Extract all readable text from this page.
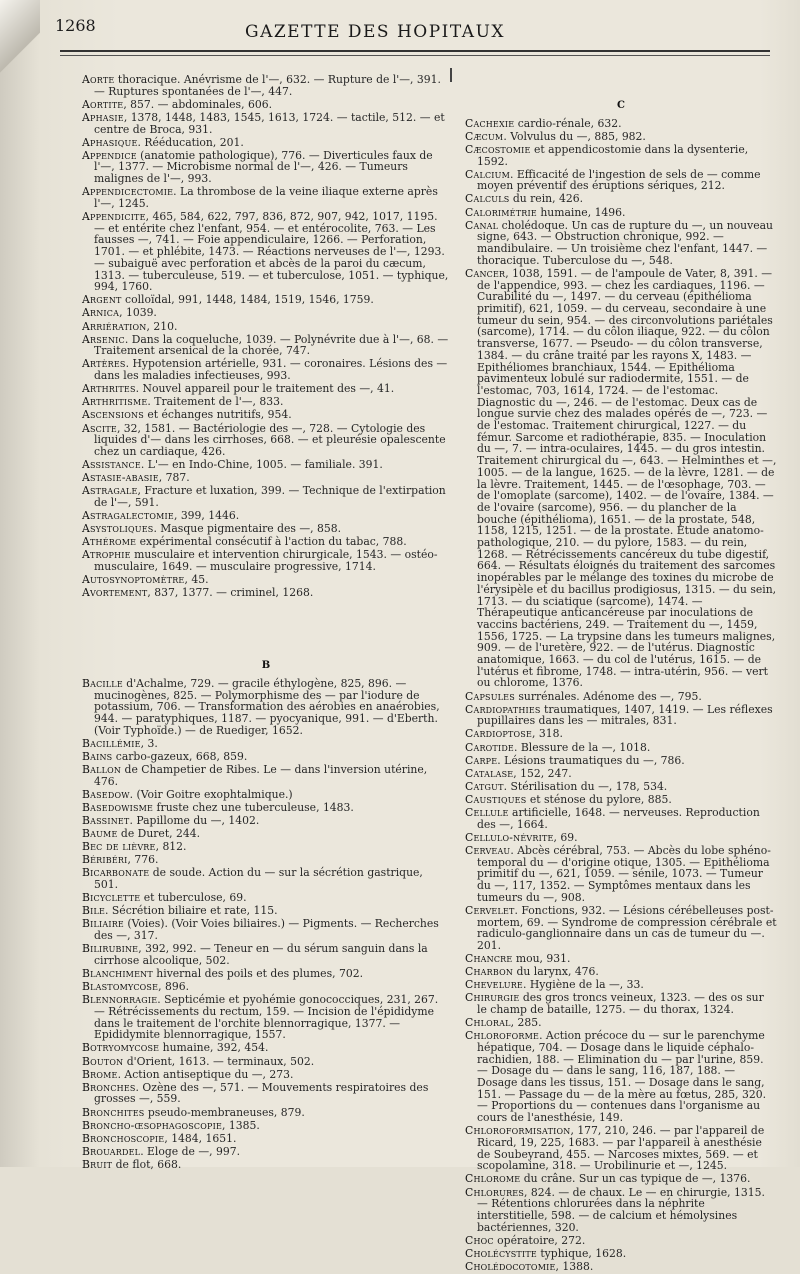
1268	GAZETTE DES HOPITAUX
Aorte thoracique. Anévrisme de l'—, 632. — Rupture de l'—, 391. — Ruptures spontanées de l'—, 447.
Aortite, 857. — abdominales, 606.
Aphasie, 1378, 1448, 1483, 1545, 1613, 1724. — tactile, 512. — et centre de Broca, 931.
Aphasique. Rééducation, 201.
Appendice (anatomie pathologique), 776. — Diverticules faux de l'—, 1377. — Microbisme normal de l'—, 426. — Tumeurs malignes de l'—, 993.
Appendicectomie. La thrombose de la veine iliaque externe après l'—, 1245.
Appendicite, 465, 584, 622, 797, 836, 872, 907, 942, 1017, 1195. — et entérite chez l'enfant, 954. — et entérocolite, 763. — Les fausses —, 741. — Foie appendiculaire, 1266. — Perforation, 1701. — et phlébite, 1473. — Réactions nerveuses de l'—, 1293. — subaiguë avec perforation et abcès de la paroi du cæcum, 1313. — tuberculeuse, 519. — et tuberculose, 1051. — typhique, 994, 1760.
Argent colloïdal, 991, 1448, 1484, 1519, 1546, 1759.
Arnica, 1039.
Arriération, 210.
Arsenic. Dans la coqueluche, 1039. — Polynévrite due à l'—, 68. — Traitement arsenical de la chorée, 747.
Artères. Hypotension artérielle, 931. — coronaires. Lésions des — dans les maladies infectieuses, 993.
Arthrites. Nouvel appareil pour le traitement des —, 41.
Arthritisme. Traitement de l'—, 833.
Ascensions et échanges nutritifs, 954.
Ascite, 32, 1581. — Bactériologie des —, 728. — Cytologie des liquides d'— dans les cirrhoses, 668. — et pleurésie opalescente chez un cardiaque, 426.
Assistance. L'— en Indo-Chine, 1005. — familiale. 391.
Astasie-abasie, 787.
Astragale, Fracture et luxation, 399. — Technique de l'extirpation de l'—, 591.
Astragalectomie, 399, 1446.
Asystoliques. Masque pigmentaire des —, 858.
Athérome expérimental consécutif à l'action du tabac, 788.
Atrophie musculaire et intervention chirurgicale, 1543. — ostéo-musculaire, 1649. — musculaire progressive, 1714.
Autosynoptomètre, 45.
Avortement, 837, 1377. — criminel, 1268.
B
Bacille d'Achalme, 729. — gracile éthylogène, 825, 896. — mucinogènes, 825. — Polymorphisme des — par l'iodure de potassium, 706. — Transformation des aérobies en anaérobies, 944. — paratyphiques, 1187. — pyocyanique, 991. — d'Eberth. (Voir Typhoïde.) — de Ruediger, 1652.
Bacillémie, 3.
Bains carbo-gazeux, 668, 859.
Ballon de Champetier de Ribes. Le — dans l'inversion utérine, 476.
Basedow. (Voir Goitre exophtalmique.)
Basedowisme fruste chez une tuberculeuse, 1483.
Bassinet. Papillome du —, 1402.
Baume de Duret, 244.
Bec de lièvre, 812.
Béribéri, 776.
Bicarbonate de soude. Action du — sur la sécrétion gastrique, 501.
Bicyclette et tuberculose, 69.
Bile. Sécrétion biliaire et rate, 115.
Biliaire (Voies). (Voir Voies biliaires.) — Pigments. — Recherches des —, 317.
Bilirubine, 392, 992. — Teneur en — du sérum sanguin dans la cirrhose alcoolique, 502.
Blanchiment hivernal des poils et des plumes, 702.
Blastomycose, 896.
Blennorragie. Septicémie et pyohémie gonococciques, 231, 267. — Rétrécissements du rectum, 159. — Incision de l'épididyme dans le traitement de l'orchite blennorragique, 1377. — Epididymite blennorragique, 1557.
Botryomycose humaine, 392, 454.
Bouton d'Orient, 1613. — terminaux, 502.
Brome. Action antiseptique du —, 273.
Bronches. Ozène des —, 571. — Mouvements respiratoires des grosses —, 559.
Bronchites pseudo-membraneuses, 879.
Broncho-œsophagoscopie, 1385.
Bronchoscopie, 1484, 1651.
Brouardel. Eloge de —, 997.
Bruit de flot, 668.
C
Cachexie cardio-rénale, 632.
Cæcum. Volvulus du —, 885, 982.
Cæcostomie et appendicostomie dans la dysenterie, 1592.
Calcium. Efficacité de l'ingestion de sels de — comme moyen préventif des éruptions sériques, 212.
Calculs du rein, 426.
Calorimétrie humaine, 1496.
Canal cholédoque. Un cas de rupture du —, un nouveau signe, 643. — Obstruction chronique, 992. — mandibulaire. — Un troisième chez l'enfant, 1447. — thoracique. Tuberculose du —, 548.
Cancer, 1038, 1591. — de l'ampoule de Vater, 8, 391. — de l'appendice, 993. — chez les cardiaques, 1196. — Curabilité du —, 1497. — du cerveau (épithélioma primitif), 621, 1059. — du cerveau, secondaire à une tumeur du sein, 954. — des circonvolutions pariétales (sarcome), 1714. — du côlon iliaque, 922. — du côlon transverse, 1677. — Pseudo- — du côlon transverse, 1384. — du crâne traité par les rayons X, 1483. — Epithéliomes branchiaux, 1544. — Epithélioma pavimenteux lobulé sur radiodermite, 1551. — de l'estomac, 703, 1614, 1724. — de l'estomac. Diagnostic du —, 246. — de l'estomac. Deux cas de longue survie chez des malades opérés de —, 723. — de l'estomac. Traitement chirurgical, 1227. — du fémur. Sarcome et radiothérapie, 835. — Inoculation du —, 7. — intra-oculaires, 1445. — du gros intestin. Traitement chirurgical du —, 643. — Helminthes et —, 1005. — de la langue, 1625. — de la lèvre, 1281. — de la lèvre. Traitement, 1445. — de l'œsophage, 703. — de l'omoplate (sarcome), 1402. — de l'ovaire, 1384. — de l'ovaire (sarcome), 956. — du plancher de la bouche (épithélioma), 1651. — de la prostate, 548, 1158, 1215, 1251. — de la prostate. Etude anatomo-pathologique, 210. — du pylore, 1583. — du rein, 1268. — Rétrécissements cancéreux du tube digestif, 664. — Résultats éloignés du traitement des sarcomes inopérables par le mélange des toxines du microbe de l'érysipèle et du bacillus prodigiosus, 1315. — du sein, 1713. — du sciatique (sarcome), 1474. — Thérapeutique anticancéreuse par inoculations de vaccins bactériens, 249. — Traitement du —, 1459, 1556, 1725. — La trypsine dans les tumeurs malignes, 909. — de l'uretère, 922. — de l'utérus. Diagnostic anatomique, 1663. — du col de l'utérus, 1615. — de l'utérus et fibrome, 1748. — intra-utérin, 956. — vert ou chlorome, 1376.
Capsules surrénales. Adénome des —, 795.
Cardiopathies traumatiques, 1407, 1419. — Les réflexes pupillaires dans les — mitrales, 831.
Cardioptose, 318.
Carotide. Blessure de la —, 1018.
Carpe. Lésions traumatiques du —, 786.
Catalase, 152, 247.
Catgut. Stérilisation du —, 178, 534.
Caustiques et sténose du pylore, 885.
Cellule artificielle, 1648. — nerveuses. Reproduction des —, 1664.
Cellulo-névrite, 69.
Cerveau. Abcès cérébral, 753. — Abcès du lobe sphéno-temporal du — d'origine otique, 1305. — Epithélioma primitif du —, 621, 1059. — sénile, 1073. — Tumeur du —, 117, 1352. — Symptômes mentaux dans les tumeurs du —, 908.
Cervelet. Fonctions, 932. — Lésions cérébelleuses post-mortem, 69. — Syndrome de compression cérébrale et radiculo-ganglionnaire dans un cas de tumeur du —. 201.
Chancre mou, 931.
Charbon du larynx, 476.
Chevelure. Hygiène de la —, 33.
Chirurgie des gros troncs veineux, 1323. — des os sur le champ de bataille, 1275. — du thorax, 1324.
Chloral, 285.
Chloroforme. Action précoce du — sur le parenchyme hépatique, 704. — Dosage dans le liquide céphalo-rachidien, 188. — Elimination du — par l'urine, 859. — Dosage du — dans le sang, 116, 187, 188. — Dosage dans les tissus, 151. — Dosage dans le sang, 151. — Passage du — de la mère au fœtus, 285, 320. — Proportions du — contenues dans l'organisme au cours de l'anesthésie, 149.
Chloroformisation, 177, 210, 246. — par l'appareil de Ricard, 19, 225, 1683. — par l'appareil à anesthésie de Soubeyrand, 455. — Narcoses mixtes, 569. — et scopolamine, 318. — Urobilinurie et —, 1245.
Chlorome du crâne. Sur un cas typique de —, 1376.
Chlorures, 824. — de chaux. Le — en chirurgie, 1315. — Rétentions chlorurées dans la néphrite interstitielle, 598. — de calcium et hémolysines bactériennes, 320.
Choc opératoire, 272.
Cholécystite typhique, 1628.
Cholédocotomie, 1388.
